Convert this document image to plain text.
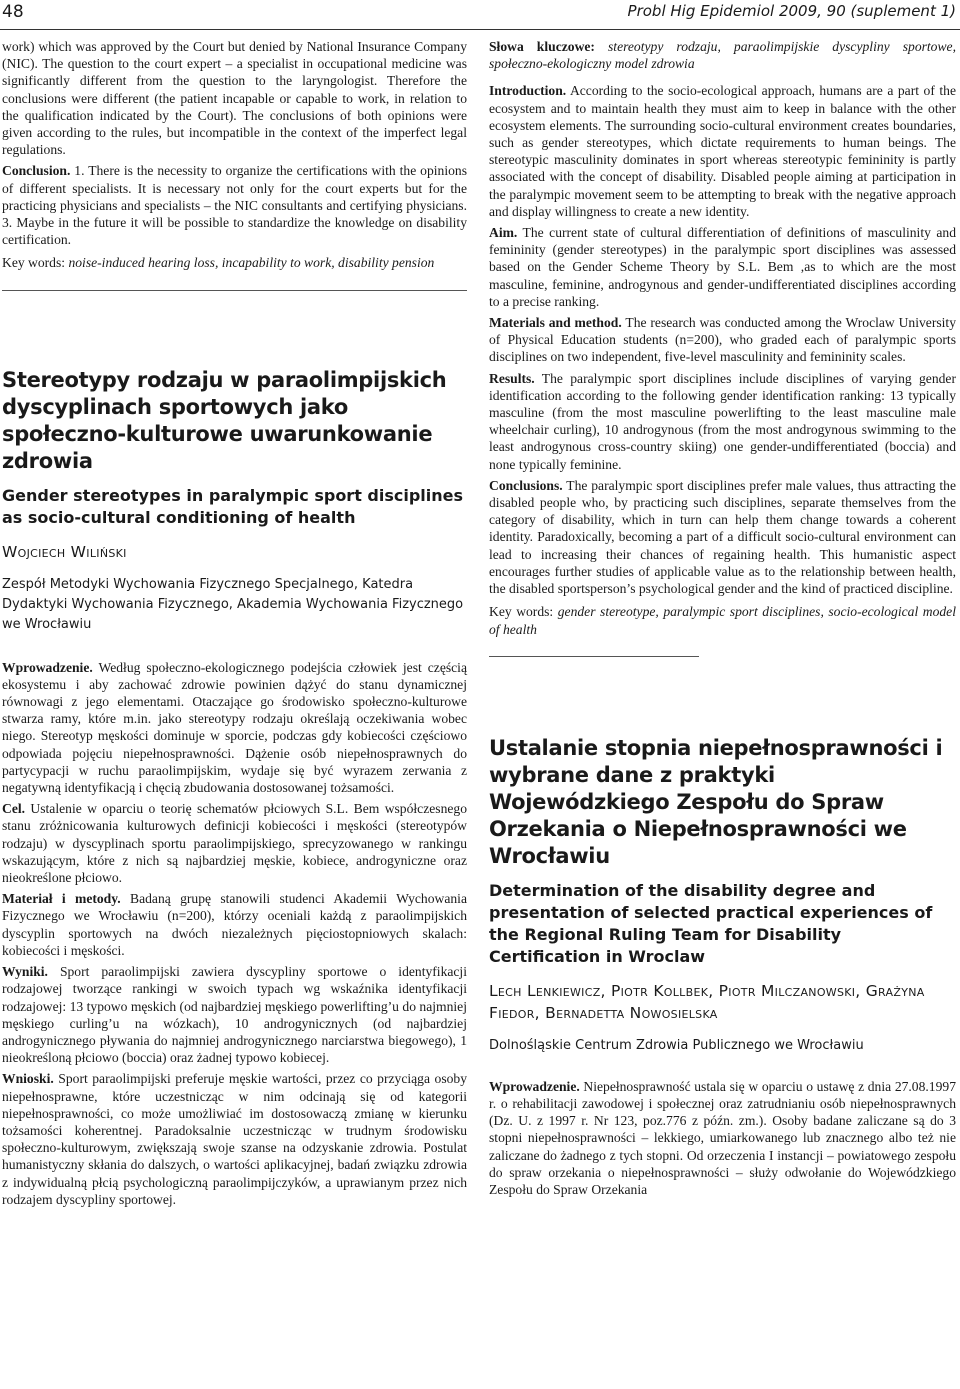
48	Probl Hig Epidemiol 2009, 90 (suplement 1)

work) which was approved by the Court but denied by National Insurance Company (NIC). The question to the court expert – a specialist in occupational medicine was significantly different from the question to the laryngologist. Therefore the conclusions were different (the patient incapable or capable to work, in relation to the qualification indicated by the Court). The conclusions of both opinions were given according to the rules, but incompatible in the context of the imperfect legal regulations.

Conclusion. 1. There is the necessity to organize the certifications with the opinions of different specialists. It is necessary not only for the court experts but for the practicing physicians and specialists – the NIC consultants and certifying physicians. 3. Maybe in the future it will be possible to standardize the knowledge on disability certification.

Key words: noise-induced hearing loss, incapability to work, disability pension

Stereotypy rodzaju w paraolimpijskich dyscyplinach sportowych jako społeczno-kulturowe uwarunkowanie zdrowia
Gender stereotypes in paralympic sport disciplines as socio-cultural conditioning of health
Wojciech Wiliński
Zespół Metodyki Wychowania Fizycznego Specjalnego, Katedra Dydaktyki Wychowania Fizycznego, Akademia Wychowania Fizycznego we Wrocławiu

Wprowadzenie. Według społeczno-ekologicznego podejścia człowiek jest częścią ekosystemu i aby zachować zdrowie powinien dążyć do stanu dynamicznej równowagi z jego elementami. Otaczające go środowisko społeczno-kulturowe stwarza ramy, które m.in. jako stereotypy rodzaju określają oczekiwania wobec niego. Stereotyp męskości dominuje w sporcie, podczas gdy kobiecości częściowo odpowiada pojęciu niepełnosprawności. Dążenie osób niepełnosprawnych do partycypacji w ruchu paraolimpijskim, wydaje się być wyrazem zerwania z negatywną identyfikacją i chęcią zbudowania dostosowanej tożsamości.

Cel. Ustalenie w oparciu o teorię schematów płciowych S.L. Bem współczesnego stanu zróżnicowania kulturowych definicji kobiecości i męskości (stereotypów rodzaju) w dyscyplinach sportu paraolimpijskiego, sprecyzowanego w rankingu wskazującym, które z nich są najbardziej męskie, kobiece, androgyniczne oraz nieokreślone płciowo.

Materiał i metody. Badaną grupę stanowili studenci Akademii Wychowania Fizycznego we Wrocławiu (n=200), którzy oceniali każdą z paraolimpijskich dyscyplin sportowych na dwóch niezależnych pięciostopniowych skalach: kobiecości i męskości.

Wyniki. Sport paraolimpijski zawiera dyscypliny sportowe o identyfikacji rodzajowej tworzące rankingi w swoich typach wg wskaźnika identyfikacji rodzajowej: 13 typowo męskich (od najbardziej męskiego powerlifting’u do najmniej męskiego curling’u na wózkach), 10 androgynicznych (od najbardziej androgynicznego pływania do najmniej androgynicznego narciarstwa biegowego), 1 nieokreśloną płciowo (boccia) oraz żadnej typowo kobiecej.

Wnioski. Sport paraolimpijski preferuje męskie wartości, przez co przyciąga osoby niepełnosprawne, które uczestnicząc w nim odcinają się od kategorii niepełnosprawności, co może umożliwiać im dostosowaczą zmianę w kierunku tożsamości koherentnej. Paradoksalnie uczestnicząc w trudnym środowisku społeczno-kulturowym, zwiększają swoje szanse na odzyskanie zdrowia. Postulat humanistyczny skłania do dalszych, o wartości aplikacyjnej, badań związku zdrowia z indywidualną płcią psychologiczną paraolimpijczyków, a uprawianym przez nich rodzajem dyscypliny sportowej.

Słowa kluczowe: stereotypy rodzaju, paraolimpijskie dyscypliny sportowe, społeczno-ekologiczny model zdrowia

Introduction. According to the socio-ecological approach, humans are a part of the ecosystem and to maintain health they must aim to keep in balance with the other ecosystem elements. The surrounding socio-cultural environment creates boundaries, such as gender stereotypes, which dictate requirements to human beings. The stereotypic masculinity dominates in sport whereas stereotypic femininity is partly associated with the concept of disability. Disabled people aiming at participation in the paralympic movement seem to be attempting to break with the negative approach and display willingness to create a new identity.

Aim. The current state of cultural differentiation of definitions of masculinity and femininity (gender stereotypes) in the paralympic sport disciplines was assessed based on the Gender Scheme Theory by S.L. Bem ,as to which are the most masculine, feminine, androgynous and gender-undifferentiated disciplines according to a precise ranking.

Materials and method. The research was conducted among the Wroclaw University of Physical Education students (n=200), who graded each of paralympic sports disciplines on two independent, five-level masculinity and femininity scales.

Results. The paralympic sport disciplines include disciplines of varying gender identification according to the following gender identification ranking: 13 typically masculine (from the most masculine powerlifting to the least masculine male wheelchair curling), 10 androgynous (from the most androgynous swimming to the least androgynous cross-country skiing) one gender-undifferentiated (boccia) and none typically feminine.

Conclusions. The paralympic sport disciplines prefer male values, thus attracting the disabled people who, by practicing such disciplines, separate themselves from the category of disability, which in turn can help them change towards a coherent identity. Paradoxically, becoming a part of a difficult socio-cultural environment can lead to increasing their chances of regaining health. This humanistic aspect encourages further studies of applicable value as to the relationship between health, the disabled sportsperson’s psychological gender and the kind of practiced discipline.

Key words: gender stereotype, paralympic sport disciplines, socio-ecological model of health

Ustalanie stopnia niepełnosprawności i wybrane dane z praktyki Wojewódzkiego Zespołu do Spraw Orzekania o Niepełnosprawności we Wrocławiu
Determination of the disability degree and presentation of selected practical experiences of the Regional Ruling Team for Disability Certification in Wroclaw
Lech Lenkiewicz, Piotr Kollbek, Piotr Milczanowski, Grażyna Fiedor, Bernadetta Nowosielska
Dolnośląskie Centrum Zdrowia Publicznego we Wrocławiu

Wprowadzenie. Niepełnosprawność ustala się w oparciu o ustawę z dnia 27.08.1997 r. o rehabilitacji zawodowej i społecznej oraz zatrudnianiu osób niepełnosprawnych (Dz. U. z 1997 r. Nr 123, poz.776 z późn. zm.). Osoby badane zaliczane są do 3 stopni niepełnosprawności – lekkiego, umiarkowanego lub znacznego albo też nie zaliczane do żadnego z tych stopni. Od orzeczenia I instancji – powiatowego zespołu do spraw orzekania o niepełnosprawności – służy odwołanie do Wojewódzkiego Zespołu do Spraw Orzekania
